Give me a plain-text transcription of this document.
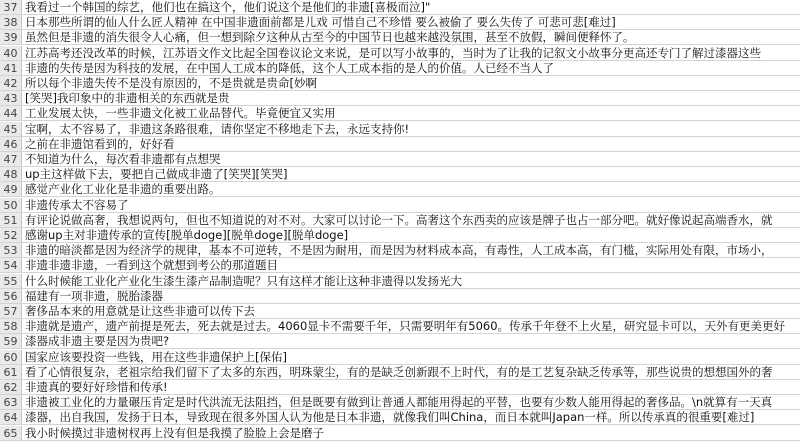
37 我看过一个韩国的综艺，他们也在搞这个，他们说这个是他们的非遗[喜极而泣]"
38 日本那些所谓的仙人什么匠人精神 在中国非遗面前都是儿戏 可惜自己不珍惜 要么被偷了 要么失传了 可悲可悲[难过]
39 虽然但是非遗的消失很令人心痛，但一想到除夕这种从古至今的中国节日也越来越没氛围，甚至不放假，瞬间便释怀了。
40 江苏高考还没改革的时候，江苏语文作文比起全国卷议论文来说，是可以写小故事的，当时为了让我的记叙文小故事分更高还专门了解过漆器这些
41 非遗的失传是因为科技的发展，在中国人工成本的降低，这个人工成本指的是人的价值。人已经不当人了
42 所以每个非遗失传不是没有原因的，不是贵就是贵命[妙啊
43 [笑哭]我印象中的非遗相关的东西就是贵
44 工业发展太快，一些非遗文化被工业品替代。毕竟便宜又实用
45 宝啊，太不容易了，非遗这条路很难，请你坚定不移地走下去，永远支持你!
46 之前在非遗馆看到的，好好看
47 不知道为什么，每次看非遗都有点想哭
48 up主这样做下去，要把自己做成非遗了[笑哭][笑哭]
49 感觉产业化工业化是非遗的重要出路。
50 非遗传承太不容易了
51 有评论说做高奢，我想说两句，但也不知道说的对不对。大家可以讨论一下。高奢这个东西卖的应该是牌子也占一部分吧。就好像说起高端香水，就
52 感谢up主对非遗传承的宣传[脱单doge][脱单doge][脱单doge]
53 非遗的暗淡都是因为经济学的规律，基本不可逆转，不是因为耐用，而是因为材料成本高，有毒性，人工成本高，有门槛，实际用处有限，市场小，
54 非遗非遗非遗，一看到这个就想到考公的那道题目
55 什么时候能工业化产业化生漆生漆产品制造呢？只有这样才能让这种非遗得以发扬光大
56 福建有一项非遗，脱胎漆器
57 奢侈品本来的用意就是让这些非遗可以传下去
58 非遗就是遗产，遗产前提是死去，死去就是过去。4060显卡不需要千年，只需要明年有5060。传承千年登不上火星，研究显卡可以，天外有更美更好
59 漆器成非遗主要是因为贵吧?
60 国家应该要投资一些钱，用在这些非遗保护上[保佑]
61 看了心情很复杂，老祖宗给我们留下了太多的东西，明珠蒙尘，有的是缺乏创新跟不上时代，有的是工艺复杂缺乏传承等，那些说贵的想想国外的奢
62 非遗真的要好好珍惜和传承!
63 非遗被工业化的力量碾压肯定是时代洪流无法阻挡，但是既要有做到让普通人都能用得起的平替，也要有少数人能用得起的奢侈品。\n就算有一天真
64 漆器，出自我国，发扬于日本，导致现在很多外国人认为他是日本非遗，就像我们叫China，而日本就叫Japan一样。所以传承真的很重要[难过]
65 我小时候摸过非遗树杈再上没有但是我摸了脸脸上会是磨子
